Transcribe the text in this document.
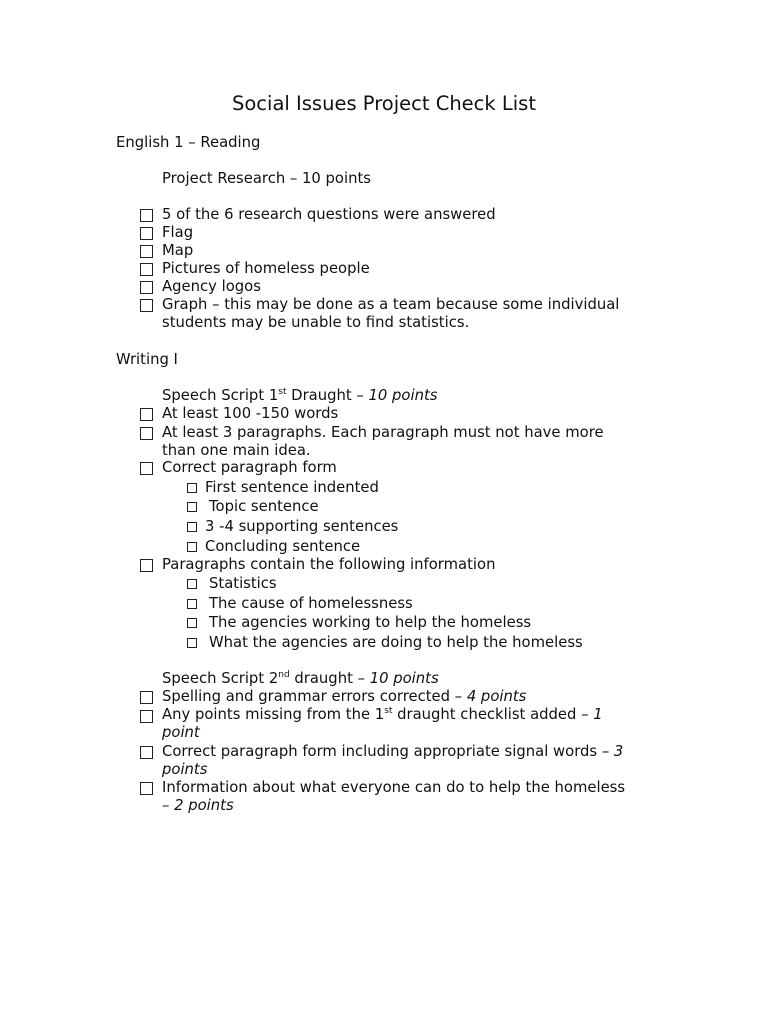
Social Issues Project Check List
English 1 – Reading
Project Research – 10 points
5 of the 6 research questions were answered
Flag
Map
Pictures of homeless people
Agency logos
Graph – this may be done as a team because some individual
students may be unable to find statistics.
Writing I
Speech Script 1st Draught – 10 points
At least 100 -150 words
At least 3 paragraphs. Each paragraph must not have more
than one main idea.
Correct paragraph form
First sentence indented
Topic sentence
3 -4 supporting sentences
Concluding sentence
Paragraphs contain the following information
Statistics
The cause of homelessness
The agencies working to help the homeless
What the agencies are doing to help the homeless
Speech Script 2nd draught – 10 points
Spelling and grammar errors corrected – 4 points
Any points missing from the 1st draught checklist added – 1
point
Correct paragraph form including appropriate signal words – 3
points
Information about what everyone can do to help the homeless
– 2 points
